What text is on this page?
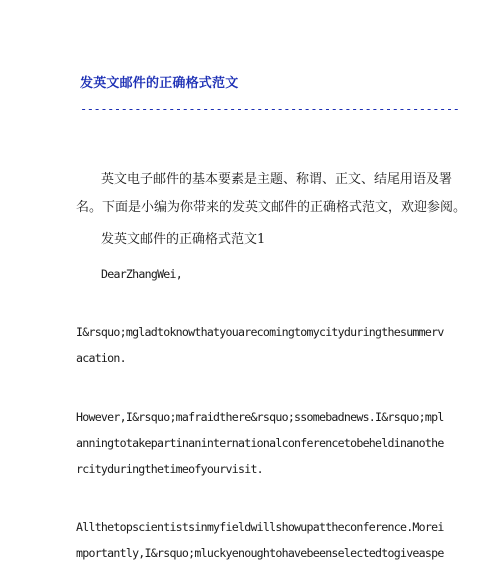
发英文邮件的正确格式范文
--------------------------------------------------------
英文电子邮件的基本要素是主题、称谓、正文、结尾用语及署
名。下面是小编为你带来的发英文邮件的正确格式范文，欢迎参阅。
发英文邮件的正确格式范文1
DearZhangWei,
I&rsquo;mgladtoknowthatyouarecomingtomycityduringthesummerv
acation.
However,I&rsquo;mafraidthere&rsquo;ssomebadnews.I&rsquo;mpl
anningtotakepartinaninternationalconferencetobeheldinanothe
rcityduringthetimeofyourvisit.
Allthetopscientistsinmyfieldwillshowupattheconference.Morei
mportantly,I&rsquo;mluckyenoughtohavebeenselectedtogiveaspe
